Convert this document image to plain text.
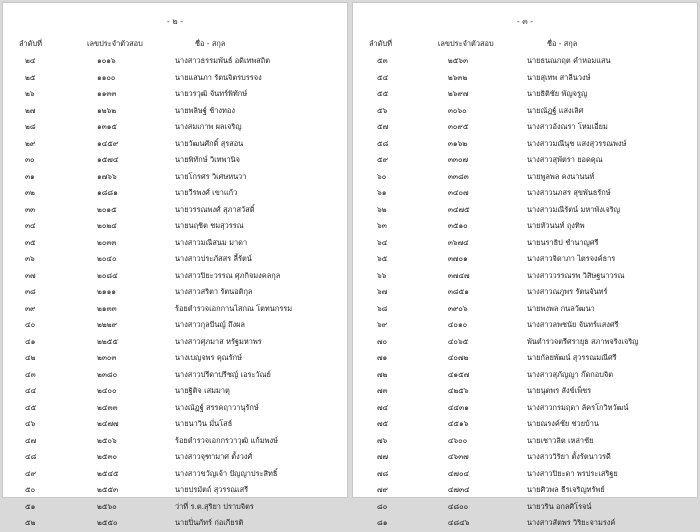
- ๒ -
ลำดับที่	เลขประจำตัวสอบ	ชื่อ - สกุล
๒๔	๑๐๑๖	นางสาวธรรมพันธ์ อดิเทพสถิต
๒๕	๑๑๐๐	นายแสนภา รัตนจิตรบรรจง
๒๖	๑๑๓๓	นายวรวุฒิ จันทร์พิทักษ์
๒๗	๑๒๖๒	นายพลิษฐ์ ช้างทอง
๒๘	๑๓๑๕	นางสมเกาพ ผลเจริญ
๒๙	๑๔๕๙	นายวัฒนศักดิ์ สุรสอน
๓๐	๑๕๗๔	นายพิทักษ์ วิเทพานิจ
๓๑	๑๗๖๖	นายโกรศร วิเศษหนวา
๓๒	๑๘๘๑	นายวีรพงศ์ เขาแก้ว
๓๓	๒๐๑๕	นายวรรณพงศ์ สุภาสวัสดิ์
๓๔	๒๐๒๔	นายนฤชิต ชมสุวรรณ
๓๕	๒๐๓๓	นางสาวมณีสนม มาดา
๓๖	๒๐๔๐	นางสาวประภัสสร ลี้รัตน์
๓๗	๒๐๘๔	นางสาวปิยะวรรณ ศุภกิจมงคลกุล
๓๘	๒๑๑๑	นางสาวสริตา รัตนอติกุล
๓๙	๒๑๓๓	ร้อยตำรวจเอกกานไสกณ โตทนกรรม
๔๐	๒๒๒๙	นางสาวกุลบีนญ์ ถึงผล
๔๑	๒๒๕๕	นางสาวศุภมาส หรัฐมหาพร
๔๒	๒๓๐๓	นางเบญจพร คุณรักษ์
๔๓	๒๓๘๐	นางสาวปรีดาปรีชญ์ เอระวัณย์
๔๔	๒๔๐๐	นายฐิติจ เสมมาตุ
๔๕	๒๔๓๓	นางณัฏฐ์ สรรคฤาวานุรักษ์
๔๖	๒๔๗๗	นายนาวิน มั่นโสธ์
๔๗	๒๕๐๖	ร้อยตำรวจเอกกรวาวุฒิ แก้มพงษ์
๔๘	๒๕๓๐	นางสาวจุฑามาศ ตั้งวงศ์
๔๙	๒๕๔๕	นางสาวขวัญเจ้า ปัญญาประสิทธิ์
๕๐	๒๕๕๓	นายปรมัตถ์ สุวรรณเสรี
๕๑	๒๕๖๐	ว่าที่ ร.ต.สุริยา ปราบจิตร
๕๒	๒๕๕๐	นายปิ่นภัทร์ ก่อเกียรติ
- ๓ -
ลำดับที่	เลขประจำตัวสอบ	ชื่อ - สกุล
๕๓	๒๕๖๓	นายธนณกฤต คำหอมแสน
๕๔	๒๖๓๒	นายสุเทพ สาลีนวงษ์
๕๕	๒๖๙๗	นายธิติชัย พัญจรูญ
๕๖	๓๐๖๐	นายณัฏฐ์ แสงเลิศ
๕๗	๓๐๙๕	นางสาวอังณรา โหมเอี่ยม
๕๘	๓๑๖๒	นางสาวมณีนุช แสงสุวรรณพงษ์
๕๙	๓๓๐๗	นางสาวสุพัตรา ยอดคุณ
๖๐	๓๓๘๓	นายพูลพล คงนานนท์
๖๑	๓๔๐๗	นางสาวนภสร สุขพันธรักษ์
๖๒	๓๔๗๕	นางสาวมณีรัตน์ มหาพังเจริญ
๖๓	๓๕๑๐	นายหัวนนท์ ถุงทิพ
๖๔	๓๖๗๔	นายนราธิป ชำนาญศรี
๖๕	๓๗๐๑	นางสาวจิดาภา ไตรจงค์ธาร
๖๖	๓๗๔๗	นางสาววรรณรพ วิสิษฐนาวรณ
๖๗	๓๘๕๑	นางสาวณภูพร รัตนจันทร์
๖๘	๓๙๐๖	นายพงพล กนลวัฒนา
๖๙	๔๐๑๐	นางสาวลพชนัย จันทร์แสงศรี
๗๐	๔๐๖๕	พันตำรวจตรีศรายุธ สภาพจริงเจริญ
๗๑	๔๐๗๒	นายกัลยพัฒน์ สุวรรณมณีศรี
๗๒	๔๑๕๗	นางสาวสุภัญญา ก๊ดกอบจิต
๗๓	๔๒๕๖	นายนุตพร สังข์เพ็ชร
๗๔	๔๔๓๑	นางสาวกรมฤดา ลัครโกวิทวัฒน์
๗๕	๔๕๑๖	นายณรงค์ชัย ช่วยบ้าน
๗๖	๔๖๐๐	นายเชาวลิต เหล่าชัย
๗๗	๔๖๓๗	นางสาววิริยา ตั้งรัตนาวรดี
๗๘	๔๗๐๔	นางสาวปิยะดา พรประเสริฐย
๗๙	๔๗๓๔	นายศิวพล ธีรเจริญทรัพย์
๘๐	๔๘๐๐	นายวริน อกลศิโรจน์
๘๑	๔๘๔๖	นางสาวสัตพร วิริยะจามรงค์
